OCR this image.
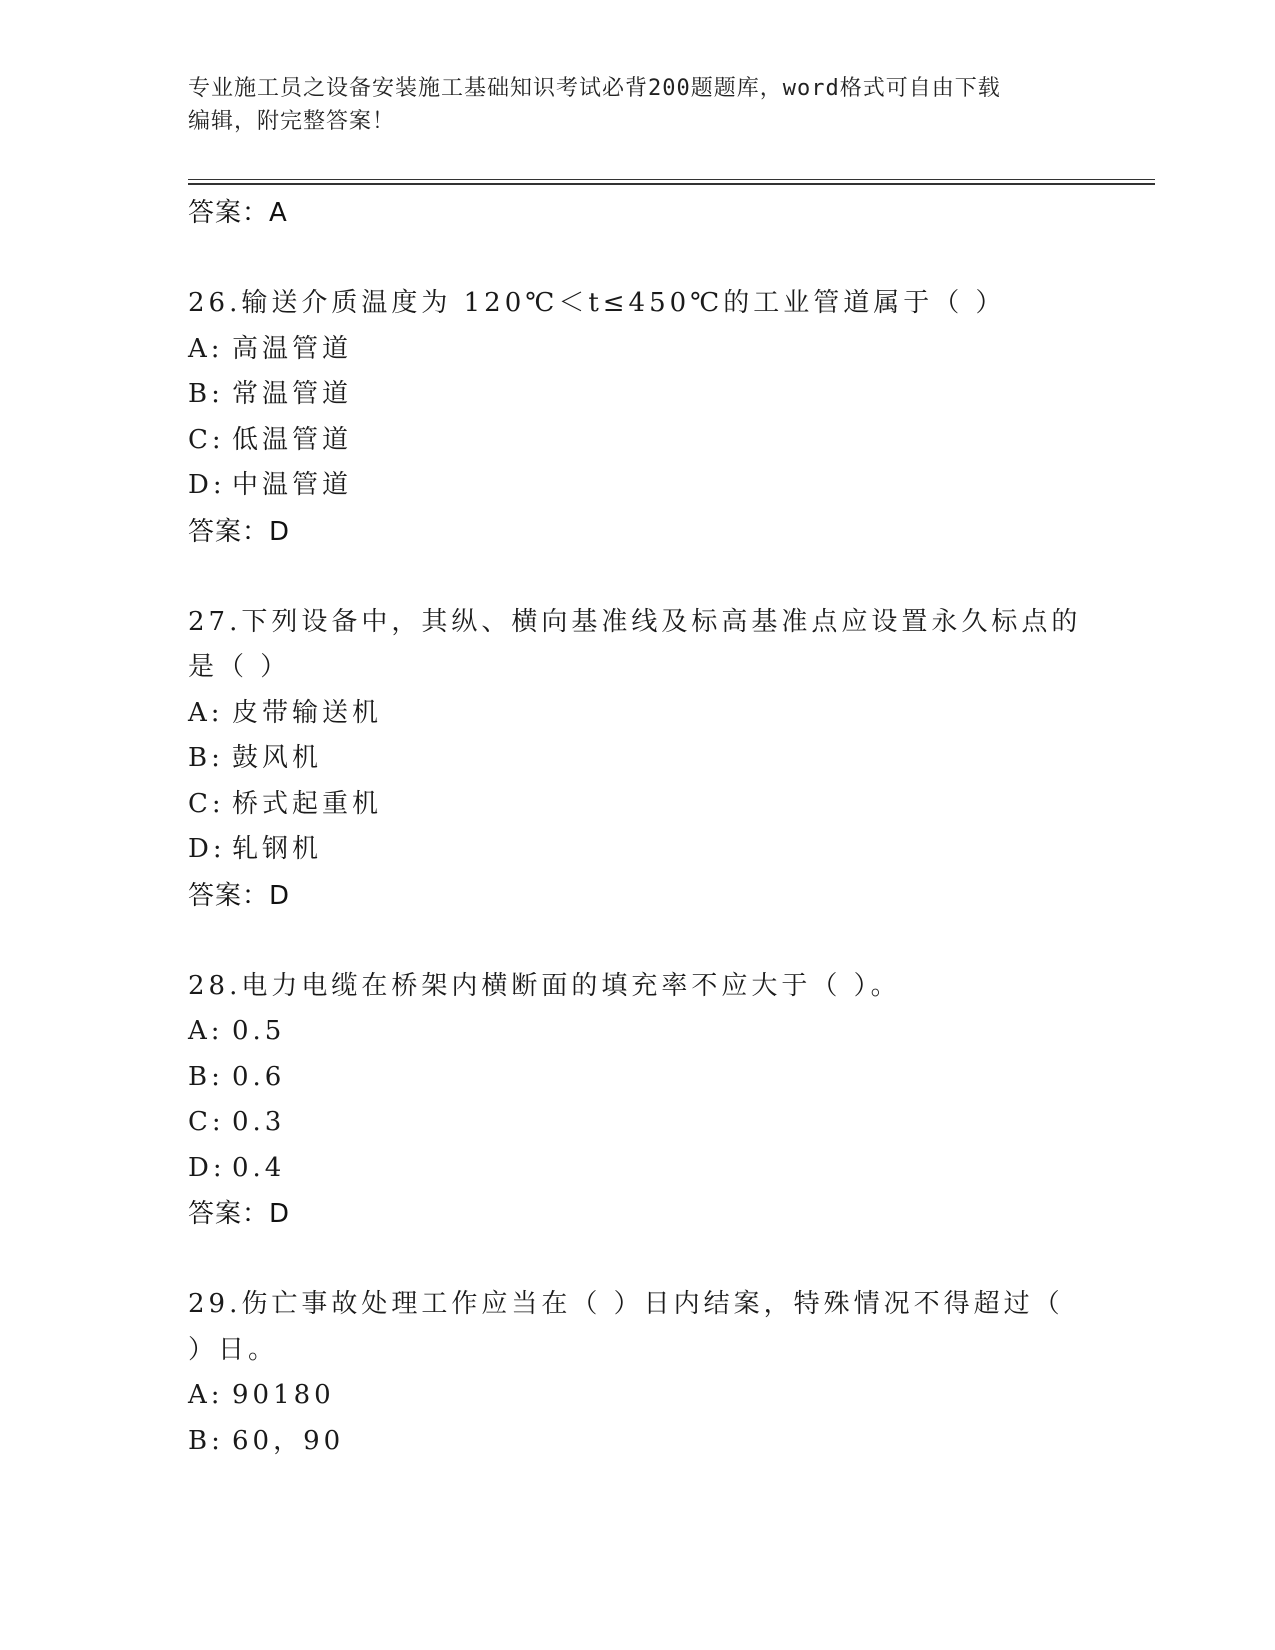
专业施工员之设备安装施工基础知识考试必背200题题库，word格式可自由下载
编辑，附完整答案！
答案：A
26.输送介质温度为 120℃＜t≤450℃的工业管道属于（ ）
A: 高温管道
B: 常温管道
C: 低温管道
D: 中温管道
答案：D
27.下列设备中，其纵、横向基准线及标高基准点应设置永久标点的是（ ）
A: 皮带输送机
B: 鼓风机
C: 桥式起重机
D: 轧钢机
答案：D
28.电力电缆在桥架内横断面的填充率不应大于（ ）。
A: 0.5
B: 0.6
C: 0.3
D: 0.4
答案：D
29.伤亡事故处理工作应当在（ ）日内结案，特殊情况不得超过（ ）日。
A: 90180
B: 60，90
